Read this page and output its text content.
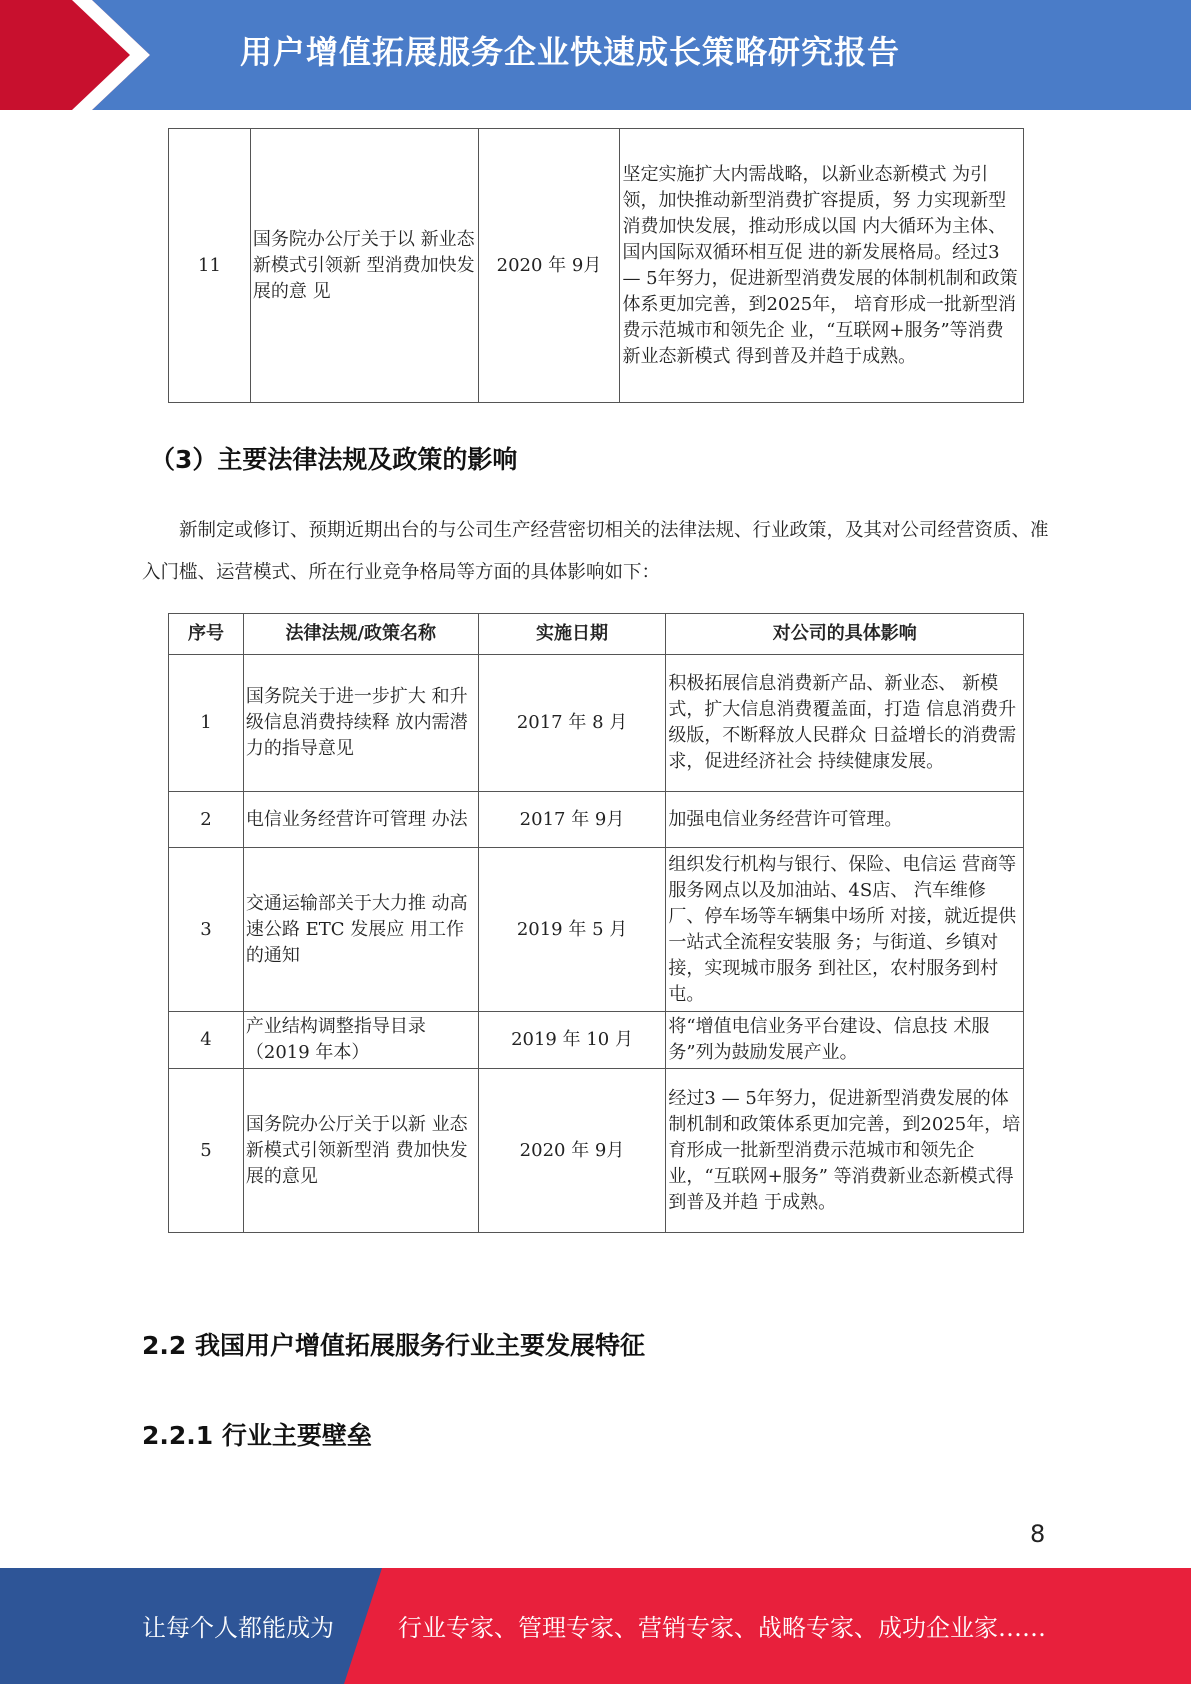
用户增值拓展服务企业快速成长策略研究报告
11	国务院办公厅关于以 新业态新模式引领新 型消费加快发展的意 见	2020 年 9月	坚定实施扩大内需战略，以新业态新模式 为引领，加快推动新型消费扩容提质，努 力实现新型消费加快发展，推动形成以国 内大循环为主体、国内国际双循环相互促 进的新发展格局。经过3 — 5年努力，促进新型消费发展的体制机制和政策体系更加完善，到2025年， 培育形成一批新型消费示范城市和领先企 业，“互联网+服务”等消费新业态新模式 得到普及并趋于成熟。
（3）主要法律法规及政策的影响
新制定或修订、预期近期出台的与公司生产经营密切相关的法律法规、行业政策，及其对公司经营资质、准入门槛、运营模式、所在行业竞争格局等方面的具体影响如下：
序号	法律法规/政策名称	实施日期	对公司的具体影响
1	国务院关于进一步扩大 和升级信息消费持续释 放内需潜力的指导意见	2017 年 8 月	积极拓展信息消费新产品、新业态、 新模式，扩大信息消费覆盖面，打造 信息消费升级版，不断释放人民群众 日益增长的消费需求，促进经济社会 持续健康发展。
2	电信业务经营许可管理 办法	2017 年 9月	加强电信业务经营许可管理。
3	交通运输部关于大力推 动高速公路 ETC 发展应 用工作的通知	2019 年 5 月	组织发行机构与银行、保险、电信运 营商等服务网点以及加油站、4S店、 汽车维修厂、停车场等车辆集中场所 对接，就近提供一站式全流程安装服 务；与街道、乡镇对接，实现城市服务 到社区，农村服务到村屯。
4	产业结构调整指导目录（2019 年本）	2019 年 10 月	将“增值电信业务平台建设、信息技 术服务”列为鼓励发展产业。
5	国务院办公厅关于以新 业态新模式引领新型消 费加快发展的意见	2020 年 9月	经过3 — 5年努力，促进新型消费发展的体制机制和政策体系更加完善，到2025年，培育形成一批新型消费示范城市和领先企业，“互联网+服务” 等消费新业态新模式得到普及并趋 于成熟。
2.2 我国用户增值拓展服务行业主要发展特征
2.2.1 行业主要壁垒
8
让每个人都能成为	行业专家、管理专家、营销专家、战略专家、成功企业家……
